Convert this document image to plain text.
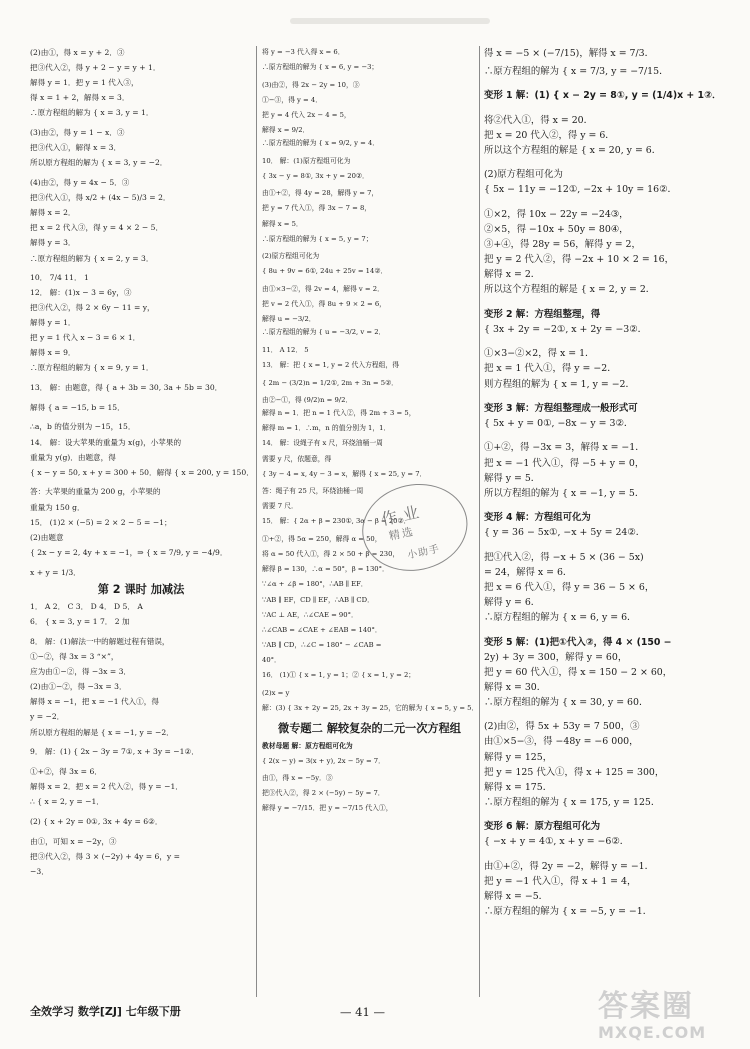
(2)由①，得 x = y + 2．③
把③代入②，得 y + 2 − y = y + 1．
解得 y = 1．把 y = 1 代入③，
得 x = 1 + 2，解得 x = 3．
∴原方程组的解为 { x = 3, y = 1．
(3)由②，得 y = 1 − x．③
把③代入①，解得 x = 3．
所以原方程组的解为 { x = 3, y = −2．
(4)由②，得 y = 4x − 5．③
把③代入①，得 x/2 + (4x − 5)/3 = 2．
解得 x = 2．
把 x = 2 代入③，得 y = 4 × 2 − 5．
解得 y = 3．
∴原方程组的解为 { x = 2, y = 3．
10． 7/4 11． 1
12． 解：(1)x − 3 = 6y，③
把③代入②，得 2 × 6y − 11 = y，
解得 y = 1．
把 y = 1 代入 x − 3 = 6 × 1．
解得 x = 9．
∴原方程组的解为 { x = 9, y = 1．
13． 解：由题意，得 { a + 3b = 30, 3a + 5b = 30．
解得 { a = −15, b = 15．
∴a，b 的值分别为 −15，15．
14． 解：设大苹果的重量为 x(g)，小苹果的
重量为 y(g)．由题意，得
{ x − y = 50, x + y = 300 + 50．解得 { x = 200, y = 150．
答：大苹果的重量为 200 g，小苹果的
重量为 150 g．
15． (1)2 × (−5) = 2 × 2 − 5 = −1；
(2)由题意
{ 2x − y = 2, 4y + x = −1，⇒ { x = 7/9, y = −4/9．
x + y = 1/3．
第 2 课时 加减法
1． A 2． C 3． D 4． D 5． A
6． { x = 3, y = 1 7． 2 加
8． 解：(1)解法一中的解题过程有错误，
①−②，得 3x = 3 “×”，
应为由①−②，得 −3x = 3．
(2)由①−②，得 −3x = 3．
解得 x = −1，把 x = −1 代入①，得
y = −2．
所以原方程组的解是 { x = −1, y = −2．
9． 解：(1) { 2x − 3y = 7①, x + 3y = −1②．
①+②，得 3x = 6．
解得 x = 2．把 x = 2 代入②，得 y = −1．
∴ { x = 2, y = −1．
(2) { x + 2y = 0①, 3x + 4y = 6②．
由①，可知 x = −2y，③
把③代入②，得 3 × (−2y) + 4y = 6，y =
−3．
将 y = −3 代入得 x = 6．
∴原方程组的解为 { x = 6, y = −3；
(3)由②，得 2x − 2y = 10，③
①−③，得 y = 4．
把 y = 4 代入 2x − 4 = 5，
解得 x = 9/2．
∴原方程组的解为 { x = 9/2, y = 4．
10． 解：(1)原方程组可化为
{ 3x − y = 8①, 3x + y = 20②．
由①+②，得 4y = 28，解得 y = 7，
把 y = 7 代入①，得 3x − 7 = 8，
解得 x = 5．
∴原方程组的解为 { x = 5, y = 7；
(2)原方程组可化为
{ 8u + 9v = 6①, 24u + 25v = 14②．
由①×3−②，得 2v = 4，解得 v = 2．
把 v = 2 代入①，得 8u + 9 × 2 = 6，
解得 u = −3/2．
∴原方程组的解为 { u = −3/2, v = 2．
11． A 12． 5
13． 解：把 { x = 1, y = 2 代入方程组，得
{ 2m − (3/2)n = 1/2①, 2m + 3n = 5②．
由②−①，得 (9/2)n = 9/2．
解得 n = 1．把 n = 1 代入②，得 2m + 3 = 5，
解得 m = 1．∴m，n 的值分别为 1，1．
14． 解：设绳子有 x 尺，环绕油桶一周
需要 y 尺，依题意，得
{ 3y − 4 = x, 4y − 3 = x，解得 { x = 25, y = 7．
答：绳子有 25 尺，环绕油桶一周
需要 7 尺．
15． 解：{ 2α + β = 230①, 3α − β = 20②．
①+②，得 5α = 250，解得 α = 50，
将 α = 50 代入①，得 2 × 50 + β = 230，
解得 β = 130，∴α = 50°，β = 130°．
∵∠α + ∠β = 180°，∴AB ∥ EF．
∵AB ∥ EF，CD ∥ EF，∴AB ∥ CD．
∵AC ⊥ AE，∴∠CAE = 90°．
∴∠CAB = ∠CAE + ∠EAB = 140°．
∵AB ∥ CD，∴∠C = 180° − ∠CAB =
40°．
16． (1)① { x = 1, y = 1；② { x = 1, y = 2；
(2)x = y
解：(3) { 3x + 2y = 25, 2x + 3y = 25，它的解为 { x = 5, y = 5．
微专题二 解较复杂的二元一次方程组
教材母题 解：原方程组可化为
{ 2(x − y) = 3(x + y), 2x − 5y = 7．
由①，得 x = −5y．③
把③代入②，得 2 × (−5y) − 5y = 7．
解得 y = −7/15．把 y = −7/15 代入①，
得 x = −5 × (−7/15)，解得 x = 7/3．
∴原方程组的解为 { x = 7/3, y = −7/15．
变形 1 解：(1) { x − 2y = 8①, y = (1/4)x + 1②．
将②代入①，得 x = 20．
把 x = 20 代入②，得 y = 6．
所以这个方程组的解是 { x = 20, y = 6．
(2)原方程组可化为
{ 5x − 11y = −12①, −2x + 10y = 16②．
①×2，得 10x − 22y = −24③，
②×5，得 −10x + 50y = 80④，
③+④，得 28y = 56，解得 y = 2，
把 y = 2 代入②，得 −2x + 10 × 2 = 16，
解得 x = 2．
所以这个方程组的解是 { x = 2, y = 2．
变形 2 解：方程组整理，得
{ 3x + 2y = −2①, x + 2y = −3②．
①×3−②×2，得 x = 1．
把 x = 1 代入①，得 y = −2．
则方程组的解为 { x = 1, y = −2．
变形 3 解：方程组整理成一般形式可
{ 5x + y = 0①, −8x − y = 3②．
①+②，得 −3x = 3，解得 x = −1．
把 x = −1 代入①，得 −5 + y = 0，
解得 y = 5．
所以方程组的解为 { x = −1, y = 5．
变形 4 解：方程组可化为
{ y = 36 − 5x①, −x + 5y = 24②．
把①代入②，得 −x + 5 × (36 − 5x)
= 24，解得 x = 6．
把 x = 6 代入①，得 y = 36 − 5 × 6，
解得 y = 6．
∴原方程组的解为 { x = 6, y = 6．
变形 5 解：(1)把①代入②，得 4 × (150 −
2y) + 3y = 300，解得 y = 60，
把 y = 60 代入①，得 x = 150 − 2 × 60，
解得 x = 30．
∴原方程组的解为 { x = 30, y = 60．
(2)由②，得 5x + 53y = 7 500，③
由①×5−③，得 −48y = −6 000，
解得 y = 125，
把 y = 125 代入①，得 x + 125 = 300，
解得 x = 175．
∴原方程组的解为 { x = 175, y = 125．
变形 6 解：原方程组可化为
{ −x + y = 4①, x + y = −6②．
由①+②，得 2y = −2，解得 y = −1．
把 y = −1 代入①，得 x + 1 = 4，
解得 x = −5．
∴原方程组的解为 { x = −5, y = −1．
作业
精选
小助手
全效学习 数学[ZJ] 七年级下册	— 41 —	答案圈
MXQE.COM
